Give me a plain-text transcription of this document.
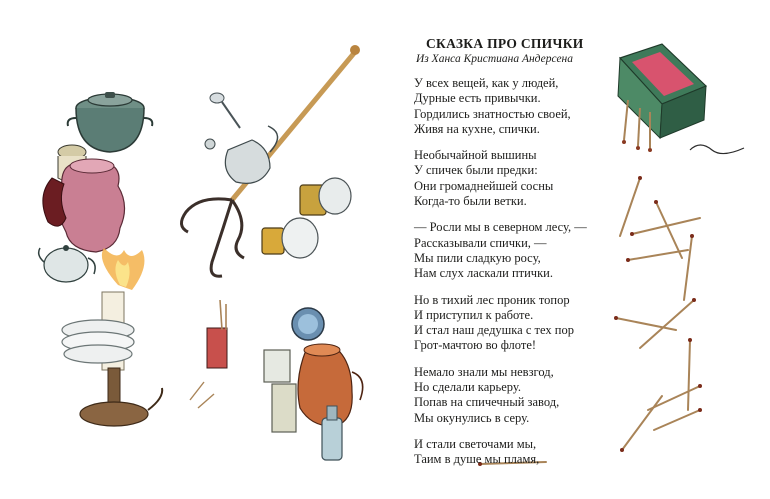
СКАЗКА ПРО СПИЧКИ
Из Ханса Кристиана Андерсена
У всех вещей, как у людей,
Дурные есть привычки.
Гордились знатностью своей,
Живя на кухне, спички.
Необычайной вышины
У спичек были предки:
Они громаднейшей сосны
Когда-то были ветки.
— Росли мы в северном лесу, —
Рассказывали спички, —
Мы пили сладкую росу,
Нам слух ласкали птички.
Но в тихий лес проник топор
И приступил к работе.
И стал наш дедушка с тех пор
Грот-мачтою во флоте!
Немало знали мы невзгод,
Но сделали карьеру.
Попав на спичечный завод,
Мы окунулись в серу.
И стали светочами мы,
Таим в душе мы пламя,
